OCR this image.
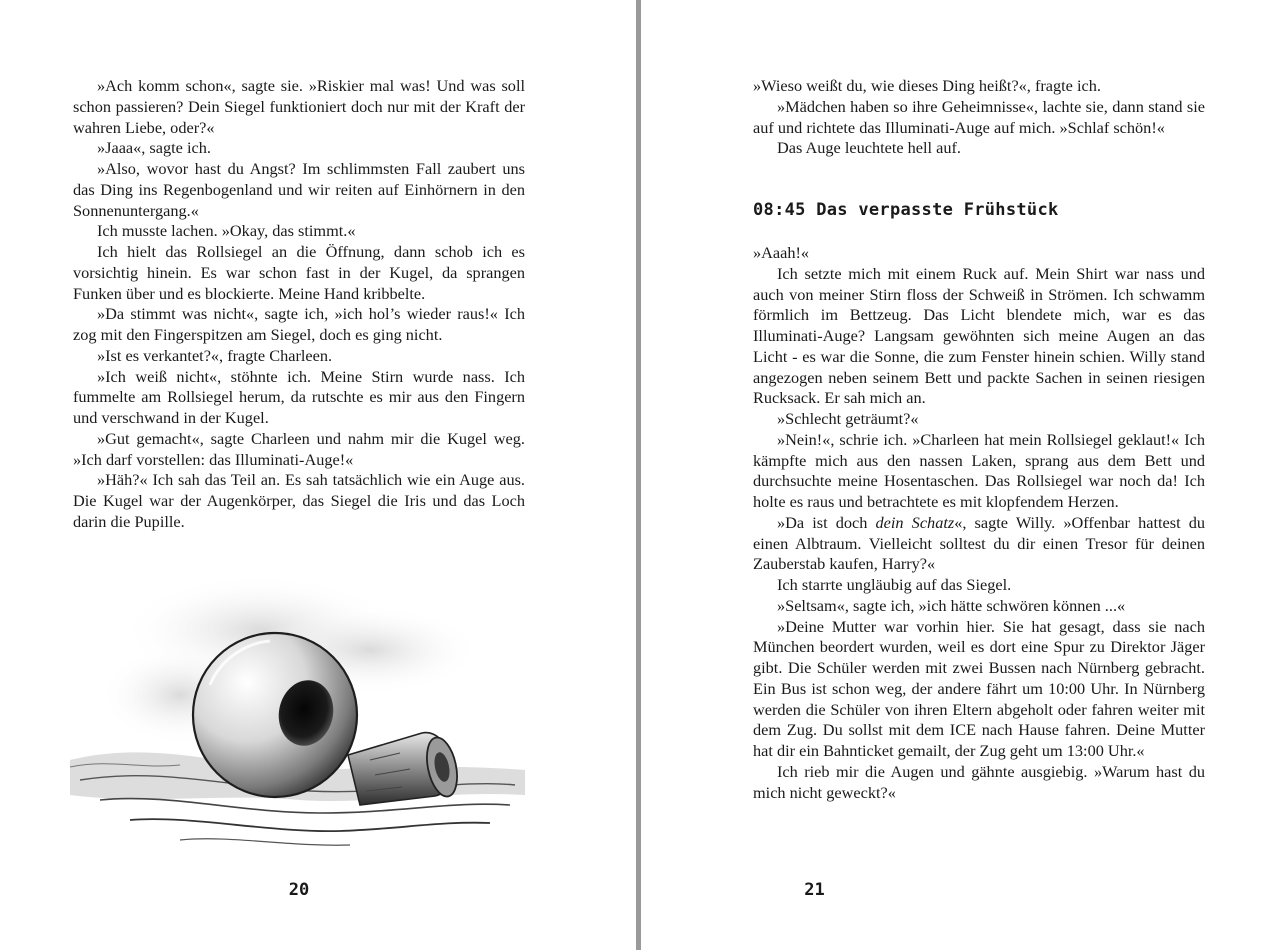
»Ach komm schon«, sagte sie. »Riskier mal was! Und was soll schon passieren? Dein Siegel funktioniert doch nur mit der Kraft der wahren Liebe, oder?«

»Jaaa«, sagte ich.

»Also, wovor hast du Angst? Im schlimmsten Fall zaubert uns das Ding ins Regenbogenland und wir reiten auf Einhörnern in den Sonnenuntergang.«

Ich musste lachen. »Okay, das stimmt.«

Ich hielt das Rollsiegel an die Öffnung, dann schob ich es vorsichtig hinein. Es war schon fast in der Kugel, da sprangen Funken über und es blockierte. Meine Hand kribbelte.

»Da stimmt was nicht«, sagte ich, »ich hol’s wieder raus!« Ich zog mit den Fingerspitzen am Siegel, doch es ging nicht.

»Ist es verkantet?«, fragte Charleen.

»Ich weiß nicht«, stöhnte ich. Meine Stirn wurde nass. Ich fummelte am Rollsiegel herum, da rutschte es mir aus den Fingern und verschwand in der Kugel.

»Gut gemacht«, sagte Charleen und nahm mir die Kugel weg. »Ich darf vorstellen: das Illuminati-Auge!«

»Häh?« Ich sah das Teil an. Es sah tatsächlich wie ein Auge aus. Die Kugel war der Augenkörper, das Siegel die Iris und das Loch darin die Pupille.

20

»Wieso weißt du, wie dieses Ding heißt?«, fragte ich.

»Mädchen haben so ihre Geheimnisse«, lachte sie, dann stand sie auf und richtete das Illuminati-Auge auf mich. »Schlaf schön!«

Das Auge leuchtete hell auf.

08:45 Das verpasste Frühstück

»Aaah!«

Ich setzte mich mit einem Ruck auf. Mein Shirt war nass und auch von meiner Stirn floss der Schweiß in Strömen. Ich schwamm förmlich im Bettzeug. Das Licht blendete mich, war es das Illuminati-Auge? Langsam gewöhnten sich meine Augen an das Licht - es war die Sonne, die zum Fenster hinein schien. Willy stand angezogen neben seinem Bett und packte Sachen in seinen riesigen Rucksack. Er sah mich an.

»Schlecht geträumt?«

»Nein!«, schrie ich. »Charleen hat mein Rollsiegel geklaut!« Ich kämpfte mich aus den nassen Laken, sprang aus dem Bett und durchsuchte meine Hosentaschen. Das Rollsiegel war noch da! Ich holte es raus und betrachtete es mit klopfendem Herzen.

»Da ist doch dein Schatz«, sagte Willy. »Offenbar hattest du einen Albtraum. Vielleicht solltest du dir einen Tresor für deinen Zauberstab kaufen, Harry?«

Ich starrte ungläubig auf das Siegel.

»Seltsam«, sagte ich, »ich hätte schwören können ...«

»Deine Mutter war vorhin hier. Sie hat gesagt, dass sie nach München beordert wurden, weil es dort eine Spur zu Direktor Jäger gibt. Die Schüler werden mit zwei Bussen nach Nürnberg gebracht. Ein Bus ist schon weg, der andere fährt um 10:00 Uhr. In Nürnberg werden die Schüler von ihren Eltern abgeholt oder fahren weiter mit dem Zug. Du sollst mit dem ICE nach Hause fahren. Deine Mutter hat dir ein Bahnticket gemailt, der Zug geht um 13:00 Uhr.«

Ich rieb mir die Augen und gähnte ausgiebig. »Warum hast du mich nicht geweckt?«

21
